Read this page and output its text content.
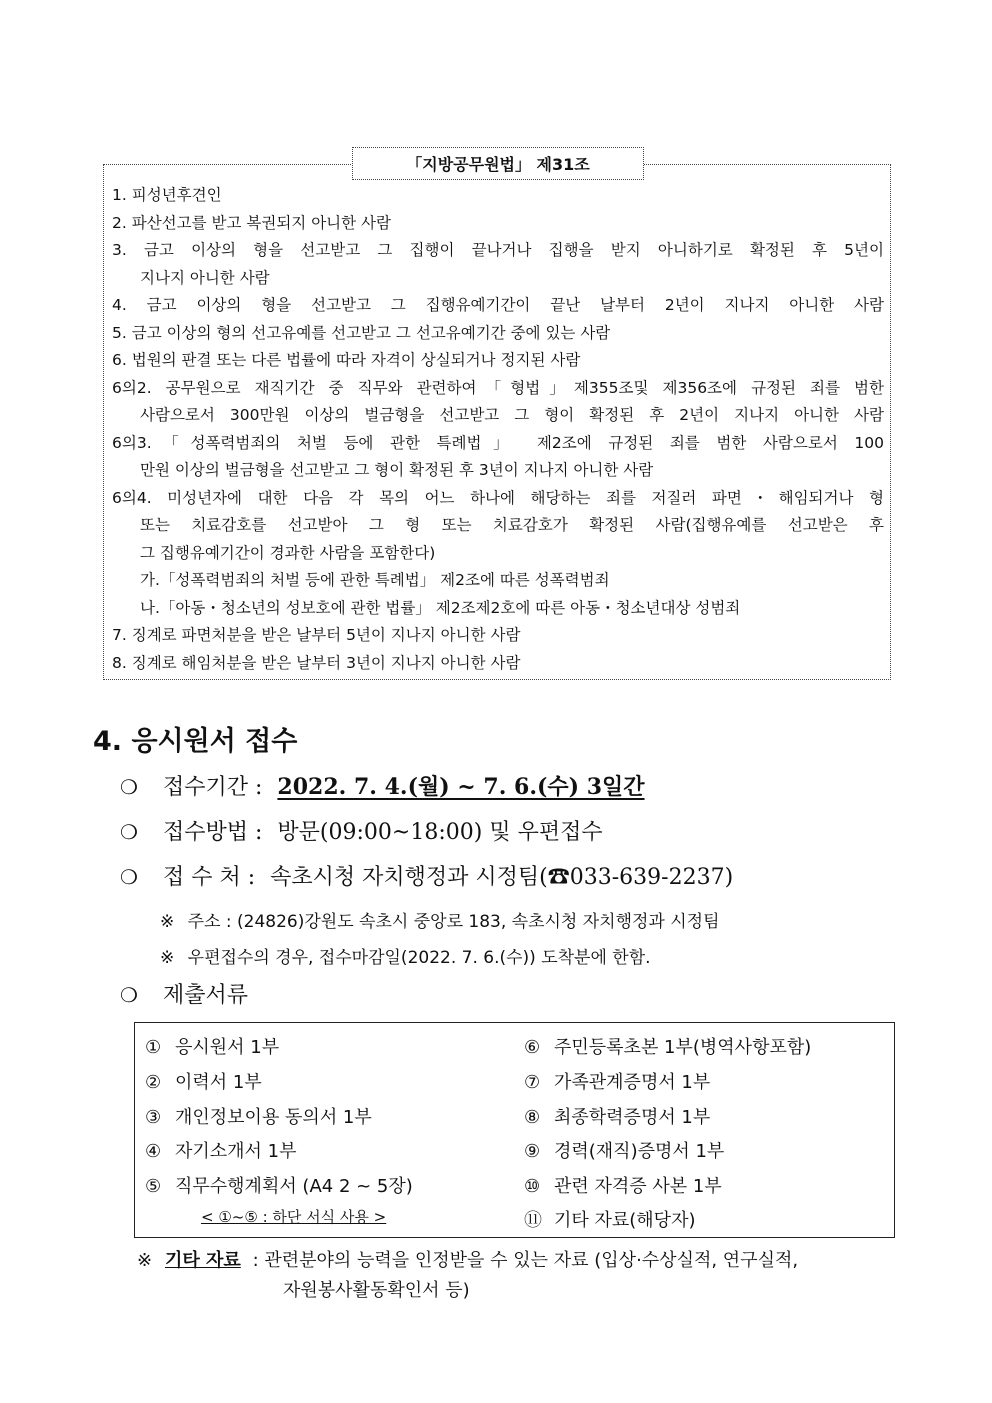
「지방공무원법」 제31조
1. 피성년후견인
2. 파산선고를 받고 복권되지 아니한 사람
3. 금고 이상의 형을 선고받고 그 집행이 끝나거나 집행을 받지 아니하기로 확정된 후 5년이
지나지 아니한 사람
4. 금고 이상의 형을 선고받고 그 집행유예기간이 끝난 날부터 2년이 지나지 아니한 사람
5. 금고 이상의 형의 선고유예를 선고받고 그 선고유예기간 중에 있는 사람
6. 법원의 판결 또는 다른 법률에 따라 자격이 상실되거나 정지된 사람
6의2. 공무원으로 재직기간 중 직무와 관련하여「형법」제355조및 제356조에 규정된 죄를 범한
사람으로서 300만원 이상의 벌금형을 선고받고 그 형이 확정된 후 2년이 지나지 아니한 사람
6의3.「성폭력범죄의 처벌 등에 관한 특례법」 제2조에 규정된 죄를 범한 사람으로서 100
만원 이상의 벌금형을 선고받고 그 형이 확정된 후 3년이 지나지 아니한 사람
6의4. 미성년자에 대한 다음 각 목의 어느 하나에 해당하는 죄를 저질러 파면・해임되거나 형
또는 치료감호를 선고받아 그 형 또는 치료감호가 확정된 사람(집행유예를 선고받은 후
그 집행유예기간이 경과한 사람을 포함한다)
가.「성폭력범죄의 처벌 등에 관한 특례법」 제2조에 따른 성폭력범죄
나.「아동・청소년의 성보호에 관한 법률」 제2조제2호에 따른 아동・청소년대상 성범죄
7. 징계로 파면처분을 받은 날부터 5년이 지나지 아니한 사람
8. 징계로 해임처분을 받은 날부터 3년이 지나지 아니한 사람
4. 응시원서 접수
❍ 접수기간 : 2022. 7. 4.(월) ~ 7. 6.(수) 3일간
❍ 접수방법 : 방문(09:00~18:00) 및 우편접수
❍ 접 수 처 : 속초시청 자치행정과 시정팀(☎033-639-2237)
※ 주소 : (24826)강원도 속초시 중앙로 183, 속초시청 자치행정과 시정팀
※ 우편접수의 경우, 접수마감일(2022. 7. 6.(수)) 도착분에 한함.
❍ 제출서류
① 응시원서 1부
② 이력서 1부
③ 개인정보이용 동의서 1부
④ 자기소개서 1부
⑤ 직무수행계획서 (A4 2 ~ 5장)
⑥ 주민등록초본 1부(병역사항포함)
⑦ 가족관계증명서 1부
⑧ 최종학력증명서 1부
⑨ 경력(재직)증명서 1부
⑩ 관련 자격증 사본 1부
⑪ 기타 자료(해당자)
< ①~⑤ : 하단 서식 사용 >
※ 기타 자료 : 관련분야의 능력을 인정받을 수 있는 자료 (입상·수상실적, 연구실적,
자원봉사활동확인서 등)
